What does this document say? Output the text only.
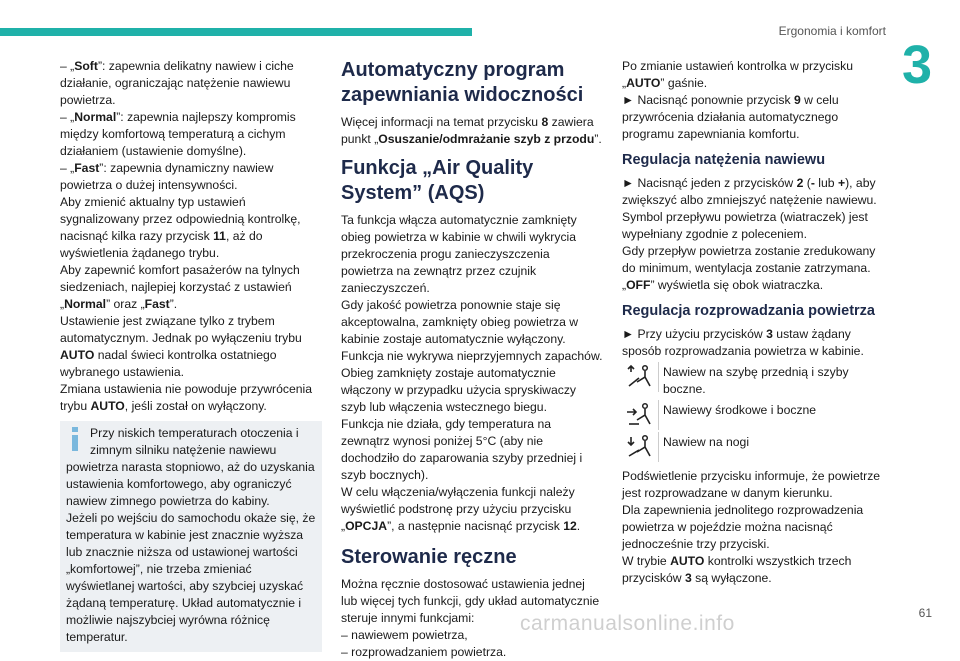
Ergonomia i komfort
3

– „Soft”: zapewnia delikatny nawiew i ciche działanie, ograniczając natężenie nawiewu powietrza.

– „Normal”: zapewnia najlepszy kompromis między komfortową temperaturą a cichym działaniem (ustawienie domyślne).

– „Fast”: zapewnia dynamiczny nawiew powietrza o dużej intensywności.

Aby zmienić aktualny typ ustawień sygnalizowany przez odpowiednią kontrolkę, nacisnąć kilka razy przycisk 11, aż do wyświetlenia żądanego trybu.

Aby zapewnić komfort pasażerów na tylnych siedzeniach, najlepiej korzystać z ustawień „Normal” oraz „Fast”.

Ustawienie jest związane tylko z trybem automatycznym. Jednak po wyłączeniu trybu

AUTO nadal świeci kontrolka ostatniego wybranego ustawienia.

Zmiana ustawienia nie powoduje przywrócenia trybu AUTO, jeśli został on wyłączony.

Przy niskich temperaturach otoczenia i zimnym silniku natężenie nawiewu

powietrza narasta stopniowo, aż do uzyskania ustawienia komfortowego, aby ograniczyć nawiew zimnego powietrza do kabiny.

Jeżeli po wejściu do samochodu okaże się, że temperatura w kabinie jest znacznie wyższa lub znacznie niższa od ustawionej wartości „komfortowej”, nie trzeba zmieniać wyświetlanej wartości, aby szybciej uzyskać żądaną temperaturę. Układ automatycznie i możliwie najszybciej wyrówna różnicę temperatur.

Automatyczny program zapewniania widoczności

Więcej informacji na temat przycisku 8 zawiera punkt „Osuszanie/odmrażanie szyb z przodu”.

Funkcja „Air Quality System” (AQS)

Ta funkcja włącza automatycznie zamknięty obieg powietrza w kabinie w chwili wykrycia przekroczenia progu zanieczyszczenia powietrza na zewnątrz przez czujnik zanieczyszczeń.

Gdy jakość powietrza ponownie staje się akceptowalna, zamknięty obieg powietrza w kabinie zostaje automatycznie wyłączony.

Funkcja nie wykrywa nieprzyjemnych zapachów.

Obieg zamknięty zostaje automatycznie włączony w przypadku użycia spryskiwaczy szyb lub włączenia wstecznego biegu.

Funkcja nie działa, gdy temperatura na zewnątrz wynosi poniżej 5°C (aby nie dochodziło do zaparowania szyby przedniej i szyb bocznych).

W celu włączenia/wyłączenia funkcji należy wyświetlić podstronę przy użyciu przycisku „OPCJA”, a następnie nacisnąć przycisk 12.

Sterowanie ręczne

Można ręcznie dostosować ustawienia jednej lub więcej tych funkcji, gdy układ automatycznie steruje innymi funkcjami:

– nawiewem powietrza,

– rozprowadzaniem powietrza.

Po zmianie ustawień kontrolka w przycisku „AUTO” gaśnie.

► Nacisnąć ponownie przycisk 9 w celu przywrócenia działania automatycznego programu zapewniania komfortu.

Regulacja natężenia nawiewu

► Nacisnąć jeden z przycisków 2 (- lub +), aby zwiększyć albo zmniejszyć natężenie nawiewu.

Symbol przepływu powietrza (wiatraczek) jest wypełniany zgodnie z poleceniem.

Gdy przepływ powietrza zostanie zredukowany do minimum, wentylacja zostanie zatrzymana.

„OFF” wyświetla się obok wiatraczka.

Regulacja rozprowadzania powietrza

► Przy użyciu przycisków 3 ustaw żądany sposób rozprowadzania powietrza w kabinie.

Nawiew na szybę przednią i szyby boczne.
Nawiewy środkowe i boczne
Nawiew na nogi

Podświetlenie przycisku informuje, że powietrze jest rozprowadzane w danym kierunku.

Dla zapewnienia jednolitego rozprowadzenia powietrza w pojeździe można nacisnąć jednocześnie trzy przyciski.

W trybie AUTO kontrolki wszystkich trzech przycisków 3 są wyłączone.

61
carmanualsonline.info
